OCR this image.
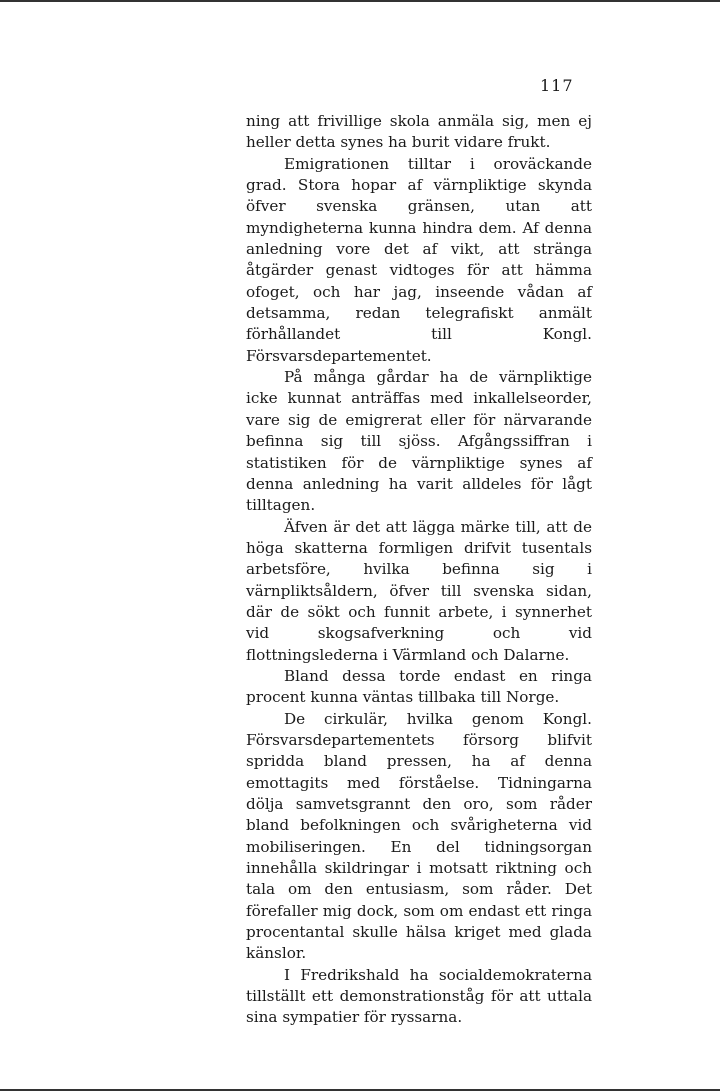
117

ning att frivillige skola anmäla sig, men ej heller detta synes ha burit vidare frukt.

Emigrationen tilltar i oroväckande grad. Stora hopar af värnpliktige skynda öfver svenska gränsen, utan att myndigheterna kunna hindra dem. Af denna anledning vore det af vikt, att stränga åtgärder genast vidtoges för att hämma ofoget, och har jag, inseende vådan af detsamma, redan telegrafiskt anmält förhållandet till Kongl. Försvarsdepartementet.

På många gårdar ha de värnpliktige icke kunnat anträffas med inkallelseorder, vare sig de emigrerat eller för närvarande befinna sig till sjöss. Afgångssiffran i statistiken för de värnpliktige synes af denna anledning ha varit alldeles för lågt tilltagen.

Äfven är det att lägga märke till, att de höga skatterna formligen drifvit tusentals arbetsföre, hvilka befinna sig i värnpliktsåldern, öfver till svenska sidan, där de sökt och funnit arbete, i synnerhet vid skogsafverkning och vid flottningslederna i Värmland och Dalarne.

Bland dessa torde endast en ringa procent kunna väntas tillbaka till Norge.

De cirkulär, hvilka genom Kongl. Försvarsdepartementets försorg blifvit spridda bland pressen, ha af denna emottagits med förståelse. Tidningarna dölja samvetsgrannt den oro, som råder bland befolkningen och svårigheterna vid mobiliseringen. En del tidningsorgan innehålla skildringar i motsatt riktning och tala om den entusiasm, som råder. Det förefaller mig dock, som om endast ett ringa procentantal skulle hälsa kriget med glada känslor.

I Fredrikshald ha socialdemokraterna tillställt ett demonstrationståg för att uttala sina sympatier för ryssarna.
